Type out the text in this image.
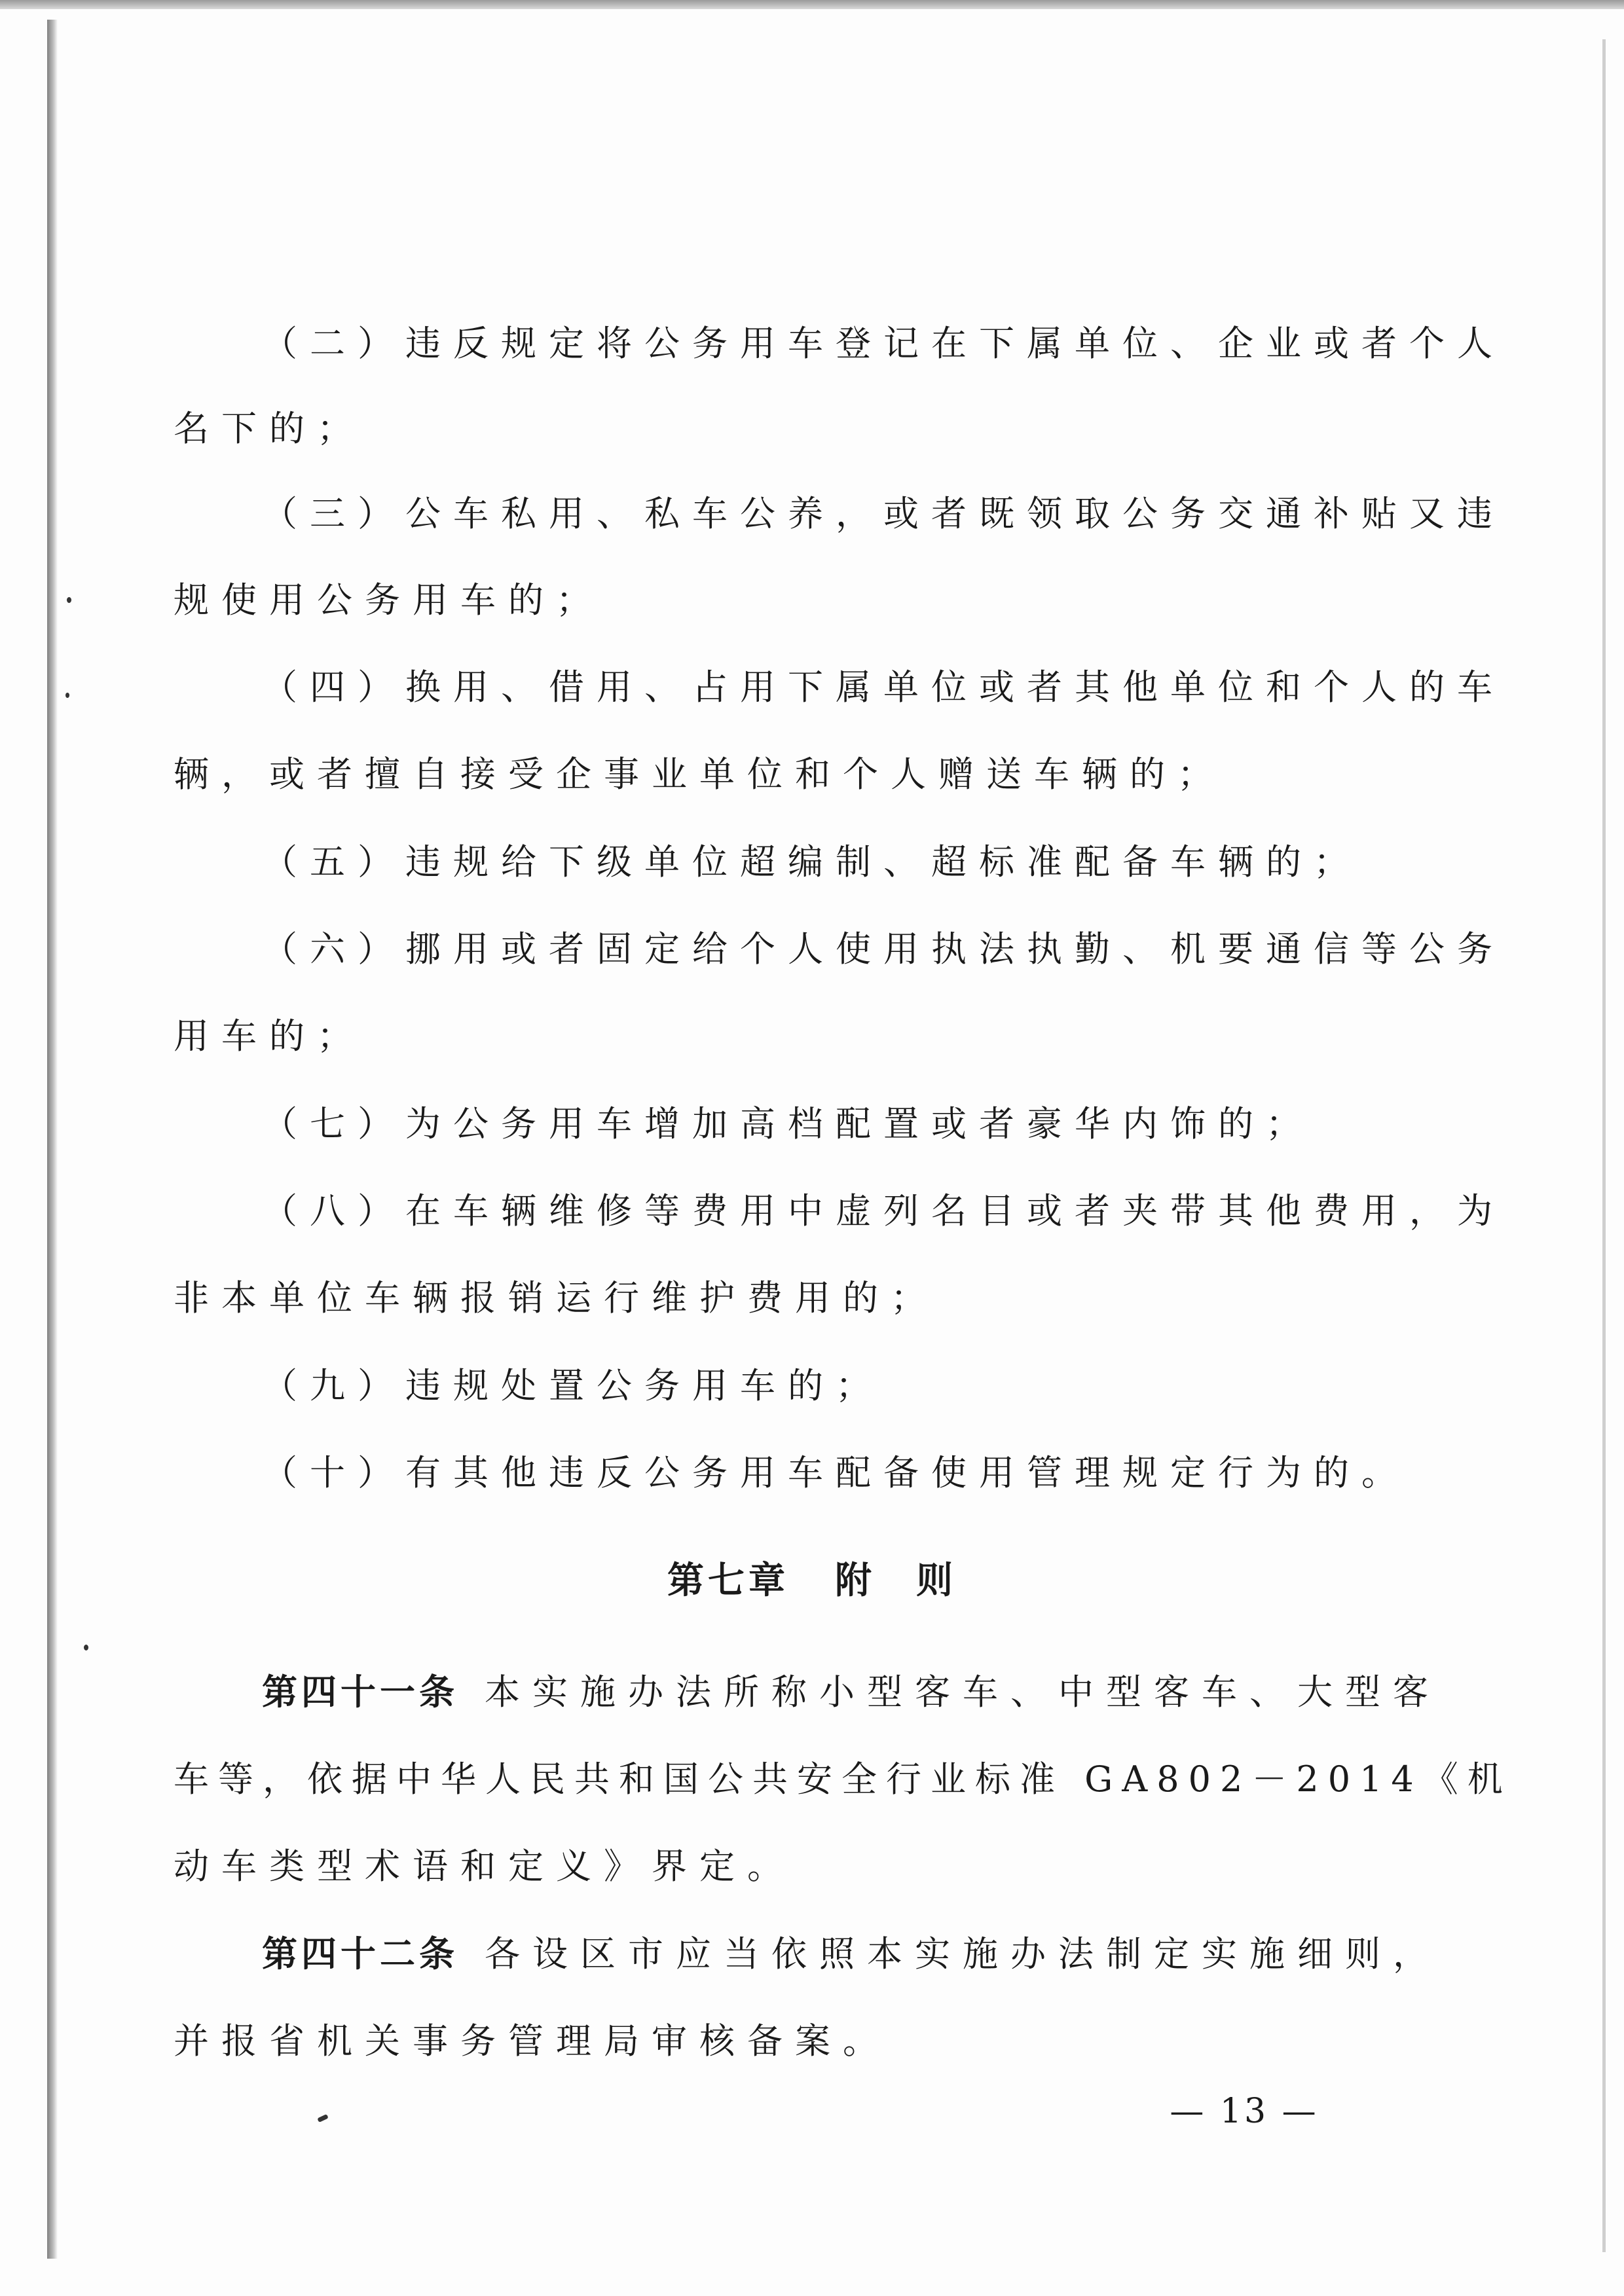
（二）违反规定将公务用车登记在下属单位、企业或者个人
名下的；
（三）公车私用、私车公养，或者既领取公务交通补贴又违
规使用公务用车的；
（四）换用、借用、占用下属单位或者其他单位和个人的车
辆，或者擅自接受企事业单位和个人赠送车辆的；
（五）违规给下级单位超编制、超标准配备车辆的；
（六）挪用或者固定给个人使用执法执勤、机要通信等公务
用车的；
（七）为公务用车增加高档配置或者豪华内饰的；
（八）在车辆维修等费用中虚列名目或者夹带其他费用，为
非本单位车辆报销运行维护费用的；
（九）违规处置公务用车的；
（十）有其他违反公务用车配备使用管理规定行为的。
第七章 附　则
第四十一条 本实施办法所称小型客车、中型客车、大型客
车等，依据中华人民共和国公共安全行业标准 GA802－2014《机
动车类型术语和定义》界定。
第四十二条 各设区市应当依照本实施办法制定实施细则，
并报省机关事务管理局审核备案。
— 13 —
